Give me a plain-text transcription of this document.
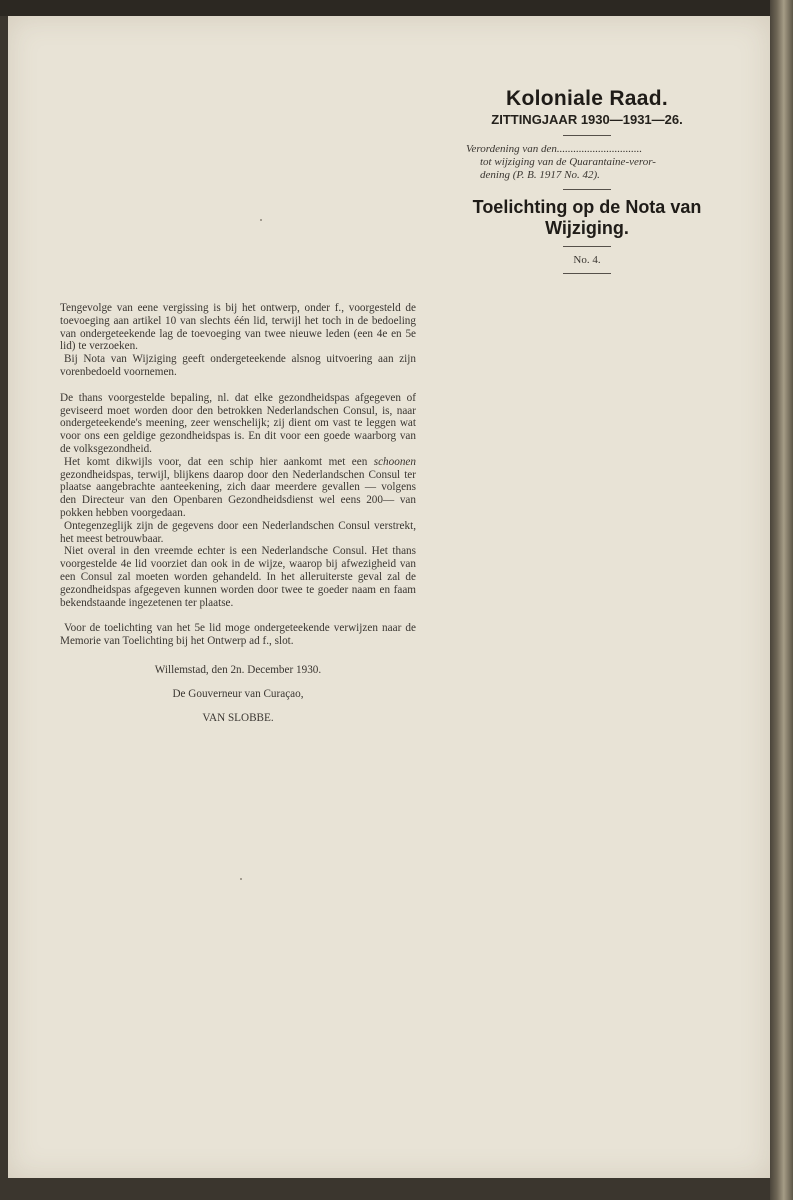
Koloniale Raad.

ZITTINGJAAR 1930—1931—26.

Verordening van den...............................
tot wijziging van de Quarantaine-veror-
dening (P. B. 1917 No. 42).

Toelichting op de Nota van Wijziging.

No. 4.

Tengevolge van eene vergissing is bij het ontwerp, onder f., voorgesteld de toevoeging aan artikel 10 van slechts één lid, terwijl het toch in de bedoeling van ondergeteekende lag de toevoeging van twee nieuwe leden (een 4e en 5e lid) te verzoeken.

Bij Nota van Wijziging geeft ondergeteekende alsnog uitvoering aan zijn vorenbedoeld voornemen.

De thans voorgestelde bepaling, nl. dat elke gezondheidspas afgegeven of geviseerd moet worden door den betrokken Nederlandschen Consul, is, naar ondergeteekende's meening, zeer wenschelijk; zij dient om vast te leggen wat voor ons een geldige gezondheidspas is. En dit voor een goede waarborg van de volksgezondheid.

Het komt dikwijls voor, dat een schip hier aankomt met een schoonen gezondheidspas, terwijl, blijkens daarop door den Nederlandschen Consul ter plaatse aangebrachte aanteekening, zich daar meerdere gevallen — volgens den Directeur van den Openbaren Gezondheidsdienst wel eens 200— van pokken hebben voorgedaan.

Ontegenzeglijk zijn de gegevens door een Nederlandschen Consul verstrekt, het meest betrouwbaar.

Niet overal in den vreemde echter is een Nederlandsche Consul. Het thans voorgestelde 4e lid voorziet dan ook in de wijze, waarop bij afwezigheid van een Consul zal moeten worden gehandeld. In het alleruiterste geval zal de gezondheidspas afgegeven kunnen worden door twee te goeder naam en faam bekendstaande ingezetenen ter plaatse.

Voor de toelichting van het 5e lid moge ondergeteekende verwijzen naar de Memorie van Toelichting bij het Ontwerp ad f., slot.

Willemstad, den 2n. December 1930.

De Gouverneur van Curaçao,

VAN SLOBBE.
